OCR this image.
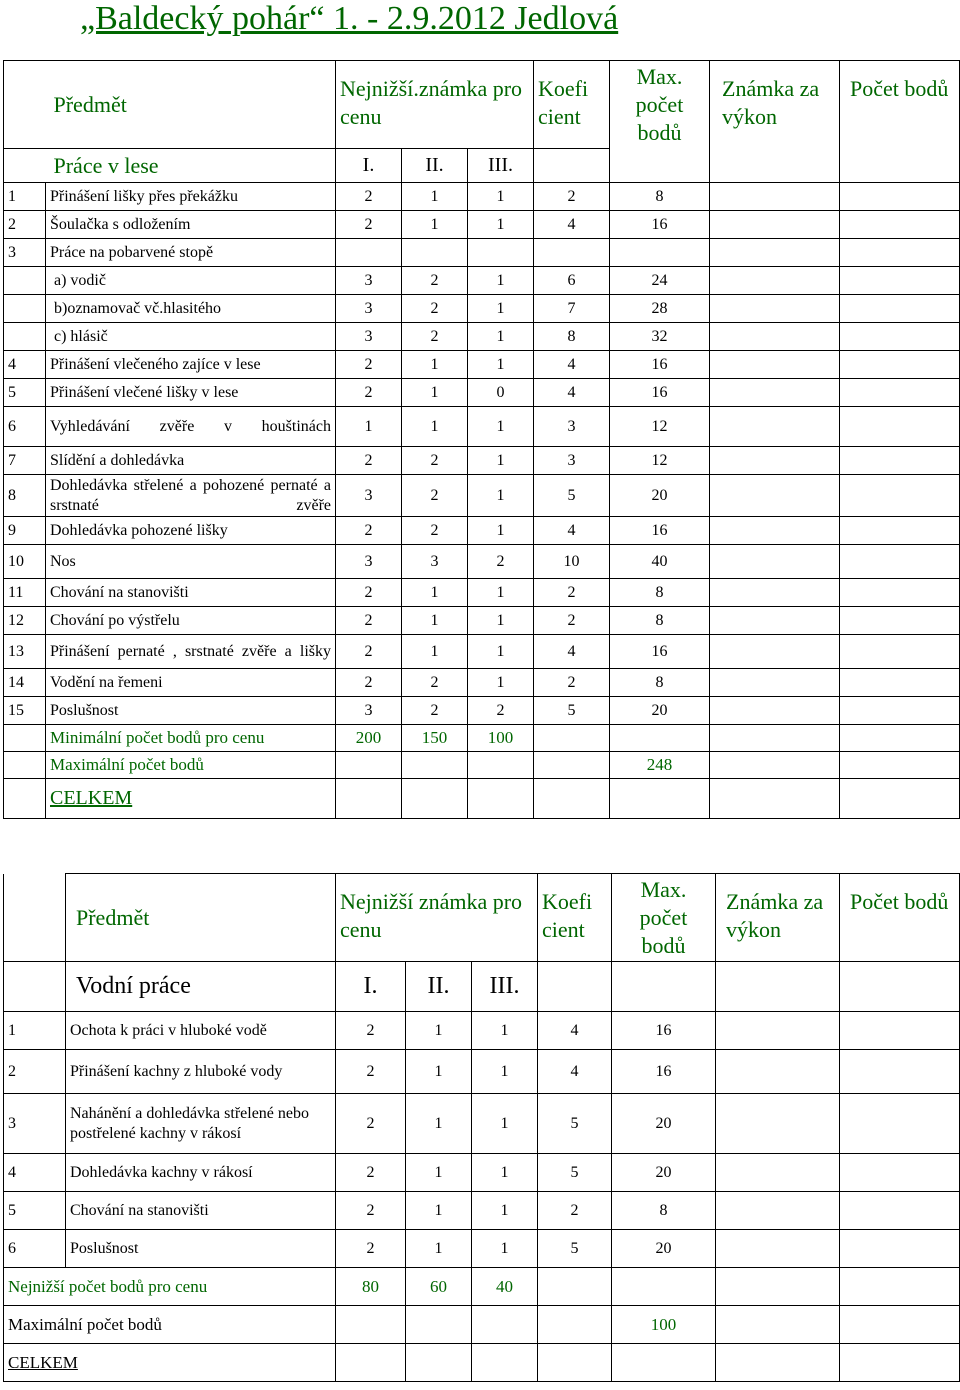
„Baldecký pohár“ 1. - 2.9.2012 Jedlová
	Předmět	Nejnižší.známka pro cenu			Koefi cient	Max. počet bodů	Známka za výkon	Počet bodů
	Práce v lese	I.	II.	III.				
1	Přinášení lišky přes překážku	2	1	1	2	8		
2	Šoulačka s odložením	2	1	1	4	16		
3	Práce na pobarvené stopě							
	a) vodič	3	2	1	6	24		
	b)oznamovač vč.hlasitého	3	2	1	7	28		
	c) hlásič	3	2	1	8	32		
4	Přinášení vlečeného zajíce v lese	2	1	1	4	16		
5	Přinášení vlečené lišky v lese	2	1	0	4	16		
6	Vyhledávání zvěře v houštinách	1	1	1	3	12		
7	Slídění a dohledávka	2	2	1	3	12		
8	Dohledávka střelené a pohozené pernaté a srstnaté zvěře	3	2	1	5	20		
9	Dohledávka pohozené lišky	2	2	1	4	16		
10	Nos	3	3	2	10	40		
11	Chování na stanovišti	2	1	1	2	8		
12	Chování po výstřelu	2	1	1	2	8		
13	Přinášení pernaté , srstnaté zvěře a lišky	2	1	1	4	16		
14	Vodění na řemeni	2	2	1	2	8		
15	Poslušnost	3	2	2	5	20		
	Minimální počet bodů pro cenu	200	150	100				
	Maximální počet bodů					248		
	CELKEM							
	Předmět	Nejnižší známka pro cenu			Koefi cient	Max. počet bodů	Známka za výkon	Počet bodů
	Vodní práce	I.	II.	III.				
1	Ochota k práci v hluboké vodě	2	1	1	4	16		
2	Přinášení kachny z hluboké vody	2	1	1	4	16		
3	Nahánění a dohledávka střelené nebo postřelené kachny v rákosí	2	1	1	5	20		
4	Dohledávka kachny v rákosí	2	1	1	5	20		
5	Chování na stanovišti	2	1	1	2	8		
6	Poslušnost	2	1	1	5	20		
Nejnižší počet bodů pro cenu		80	60	40				
Maximální počet bodů						100		
CELKEM								
